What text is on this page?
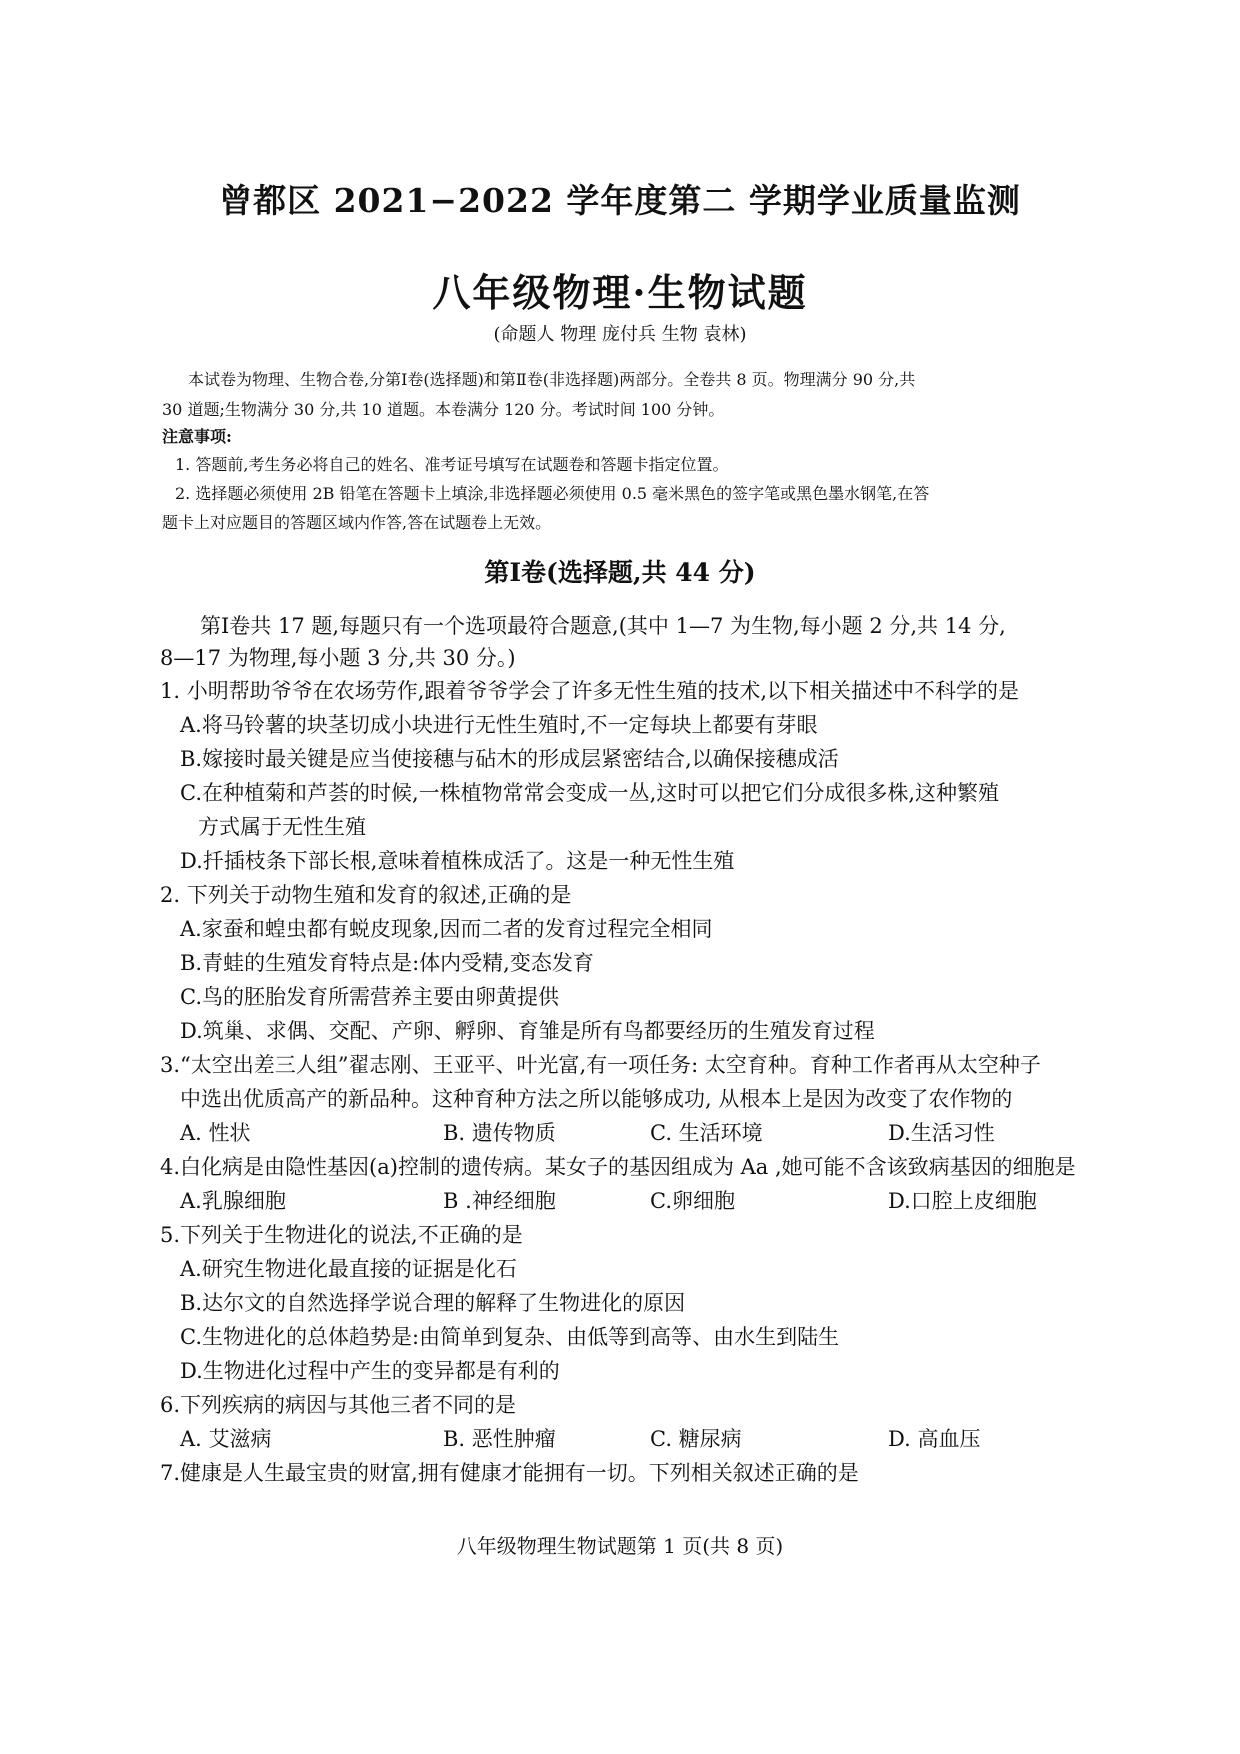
曾都区 2021−2022 学年度第二 学期学业质量监测
八年级物理·生物试题
(命题人 物理 庞付兵 生物 袁林)
本试卷为物理、生物合卷,分第Ⅰ卷(选择题)和第Ⅱ卷(非选择题)两部分。全卷共 8 页。物理满分 90 分,共
30 道题;生物满分 30 分,共 10 道题。本卷满分 120 分。考试时间 100 分钟。
注意事项:
1. 答题前,考生务必将自己的姓名、准考证号填写在试题卷和答题卡指定位置。
2. 选择题必须使用 2B 铅笔在答题卡上填涂,非选择题必须使用 0.5 毫米黑色的签字笔或黑色墨水钢笔,在答
题卡上对应题目的答题区域内作答,答在试题卷上无效。
第Ⅰ卷(选择题,共 44 分)
第Ⅰ卷共 17 题,每题只有一个选项最符合题意,(其中 1—7 为生物,每小题 2 分,共 14 分,
8—17 为物理,每小题 3 分,共 30 分。)
1. 小明帮助爷爷在农场劳作,跟着爷爷学会了许多无性生殖的技术,以下相关描述中不科学的是
A.将马铃薯的块茎切成小块进行无性生殖时,不一定每块上都要有芽眼
B.嫁接时最关键是应当使接穗与砧木的形成层紧密结合,以确保接穗成活
C.在种植菊和芦荟的时候,一株植物常常会变成一丛,这时可以把它们分成很多株,这种繁殖
方式属于无性生殖
D.扦插枝条下部长根,意味着植株成活了。这是一种无性生殖
2. 下列关于动物生殖和发育的叙述,正确的是
A.家蚕和蝗虫都有蜕皮现象,因而二者的发育过程完全相同
B.青蛙的生殖发育特点是:体内受精,变态发育
C.鸟的胚胎发育所需营养主要由卵黄提供
D.筑巢、求偶、交配、产卵、孵卵、育雏是所有鸟都要经历的生殖发育过程
3.“太空出差三人组”翟志刚、王亚平、叶光富,有一项任务: 太空育种。育种工作者再从太空种子
中选出优质高产的新品种。这种育种方法之所以能够成功, 从根本上是因为改变了农作物的
A. 性状	B. 遗传物质	C. 生活环境	D.生活习性
4.白化病是由隐性基因(a)控制的遗传病。某女子的基因组成为 Aa ,她可能不含该致病基因的细胞是
A.乳腺细胞	B .神经细胞	C.卵细胞	D.口腔上皮细胞
5.下列关于生物进化的说法,不正确的是
A.研究生物进化最直接的证据是化石
B.达尔文的自然选择学说合理的解释了生物进化的原因
C.生物进化的总体趋势是:由简单到复杂、由低等到高等、由水生到陆生
D.生物进化过程中产生的变异都是有利的
6.下列疾病的病因与其他三者不同的是
A. 艾滋病	B. 恶性肿瘤	C. 糖尿病	D. 高血压
7.健康是人生最宝贵的财富,拥有健康才能拥有一切。下列相关叙述正确的是
八年级物理生物试题第 1 页(共 8 页)
